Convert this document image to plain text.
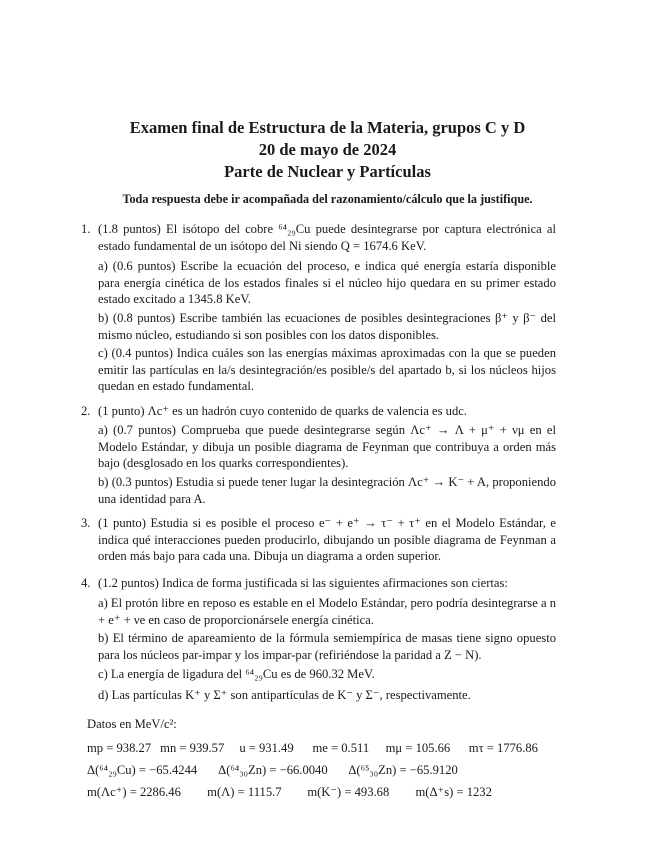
Examen final de Estructura de la Materia, grupos C y D
20 de mayo de 2024
Parte de Nuclear y Partículas
Toda respuesta debe ir acompañada del razonamiento/cálculo que la justifique.
1. (1.8 puntos) El isótopo del cobre ⁶⁴₂₉Cu puede desintegrarse por captura electrónica al estado fundamental de un isótopo del Ni siendo Q = 1674.6 KeV.
a) (0.6 puntos) Escribe la ecuación del proceso, e indica qué energía estaría disponible para energía cinética de los estados finales si el núcleo hijo quedara en su primer estado estado excitado a 1345.8 KeV.
b) (0.8 puntos) Escribe también las ecuaciones de posibles desintegraciones β⁺ y β⁻ del mismo núcleo, estudiando si son posibles con los datos disponibles.
c) (0.4 puntos) Indica cuáles son las energías máximas aproximadas con la que se pueden emitir las partículas en la/s desintegración/es posible/s del apartado b, si los núcleos hijos quedan en estado fundamental.
2. (1 punto) Λc⁺ es un hadrón cuyo contenido de quarks de valencia es udc.
a) (0.7 puntos) Comprueba que puede desintegrarse según Λc⁺ → Λ + μ⁺ + νμ en el Modelo Estándar, y dibuja un posible diagrama de Feynman que contribuya a orden más bajo (desglosado en los quarks correspondientes).
b) (0.3 puntos) Estudia si puede tener lugar la desintegración Λc⁺ → K⁻ + A, proponiendo una identidad para A.
3. (1 punto) Estudia si es posible el proceso e⁻ + e⁺ → τ⁻ + τ⁺ en el Modelo Estándar, e indica qué interacciones pueden producirlo, dibujando un posible diagrama de Feynman a orden más bajo para cada una. Dibuja un diagrama a orden superior.
4. (1.2 puntos) Indica de forma justificada si las siguientes afirmaciones son ciertas:
a) El protón libre en reposo es estable en el Modelo Estándar, pero podría desintegrarse a n + e⁺ + νe en caso de proporcionársele energía cinética.
b) El término de apareamiento de la fórmula semiempírica de masas tiene signo opuesto para los núcleos par-impar y los impar-par (refiriéndose la paridad a Z − N).
c) La energía de ligadura del ⁶⁴₂₉Cu es de 960.32 MeV.
d) Las partículas K⁺ y Σ⁺ son antipartículas de K⁻ y Σ⁻, respectivamente.
Datos en MeV/c²:
mp = 938.27 mn = 939.57 u = 931.49 me = 0.511 mμ = 105.66 mτ = 1776.86
Δ(⁶⁴₂₉Cu) = −65.4244 Δ(⁶⁴₃₀Zn) = −66.0040 Δ(⁶⁵₃₀Zn) = −65.9120
m(Λc⁺) = 2286.46 m(Λ) = 1115.7 m(K⁻) = 493.68 m(Δ⁺s) = 1232
